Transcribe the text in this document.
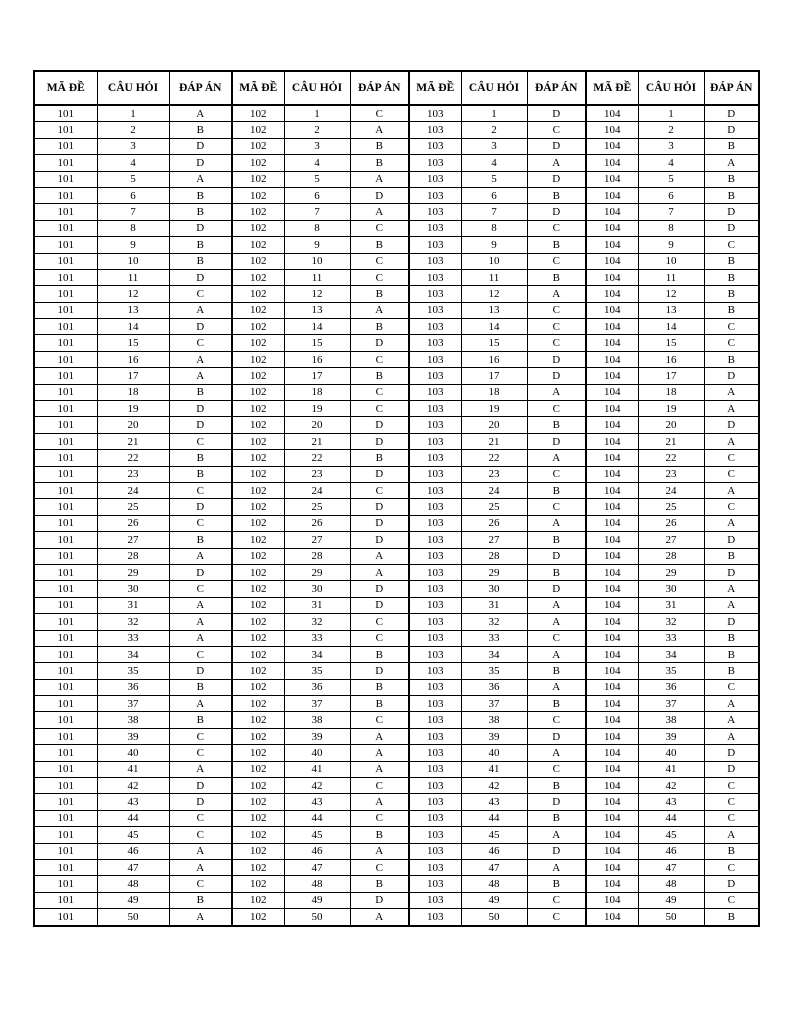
MÃ ĐỀ	CÂU HỎI	ĐÁP ÁN	MÃ ĐỀ	CÂU HỎI	ĐÁP ÁN	MÃ ĐỀ	CÂU HỎI	ĐÁP ÁN	MÃ ĐỀ	CÂU HỎI	ĐÁP ÁN
101	1	A	102	1	C	103	1	D	104	1	D
101	2	B	102	2	A	103	2	C	104	2	D
101	3	D	102	3	B	103	3	D	104	3	B
101	4	D	102	4	B	103	4	A	104	4	A
101	5	A	102	5	A	103	5	D	104	5	B
101	6	B	102	6	D	103	6	B	104	6	B
101	7	B	102	7	A	103	7	D	104	7	D
101	8	D	102	8	C	103	8	C	104	8	D
101	9	B	102	9	B	103	9	B	104	9	C
101	10	B	102	10	C	103	10	C	104	10	B
101	11	D	102	11	C	103	11	B	104	11	B
101	12	C	102	12	B	103	12	A	104	12	B
101	13	A	102	13	A	103	13	C	104	13	B
101	14	D	102	14	B	103	14	C	104	14	C
101	15	C	102	15	D	103	15	C	104	15	C
101	16	A	102	16	C	103	16	D	104	16	B
101	17	A	102	17	B	103	17	D	104	17	D
101	18	B	102	18	C	103	18	A	104	18	A
101	19	D	102	19	C	103	19	C	104	19	A
101	20	D	102	20	D	103	20	B	104	20	D
101	21	C	102	21	D	103	21	D	104	21	A
101	22	B	102	22	B	103	22	A	104	22	C
101	23	B	102	23	D	103	23	C	104	23	C
101	24	C	102	24	C	103	24	B	104	24	A
101	25	D	102	25	D	103	25	C	104	25	C
101	26	C	102	26	D	103	26	A	104	26	A
101	27	B	102	27	D	103	27	B	104	27	D
101	28	A	102	28	A	103	28	D	104	28	B
101	29	D	102	29	A	103	29	B	104	29	D
101	30	C	102	30	D	103	30	D	104	30	A
101	31	A	102	31	D	103	31	A	104	31	A
101	32	A	102	32	C	103	32	A	104	32	D
101	33	A	102	33	C	103	33	C	104	33	B
101	34	C	102	34	B	103	34	A	104	34	B
101	35	D	102	35	D	103	35	B	104	35	B
101	36	B	102	36	B	103	36	A	104	36	C
101	37	A	102	37	B	103	37	B	104	37	A
101	38	B	102	38	C	103	38	C	104	38	A
101	39	C	102	39	A	103	39	D	104	39	A
101	40	C	102	40	A	103	40	A	104	40	D
101	41	A	102	41	A	103	41	C	104	41	D
101	42	D	102	42	C	103	42	B	104	42	C
101	43	D	102	43	A	103	43	D	104	43	C
101	44	C	102	44	C	103	44	B	104	44	C
101	45	C	102	45	B	103	45	A	104	45	A
101	46	A	102	46	A	103	46	D	104	46	B
101	47	A	102	47	C	103	47	A	104	47	C
101	48	C	102	48	B	103	48	B	104	48	D
101	49	B	102	49	D	103	49	C	104	49	C
101	50	A	102	50	A	103	50	C	104	50	B
